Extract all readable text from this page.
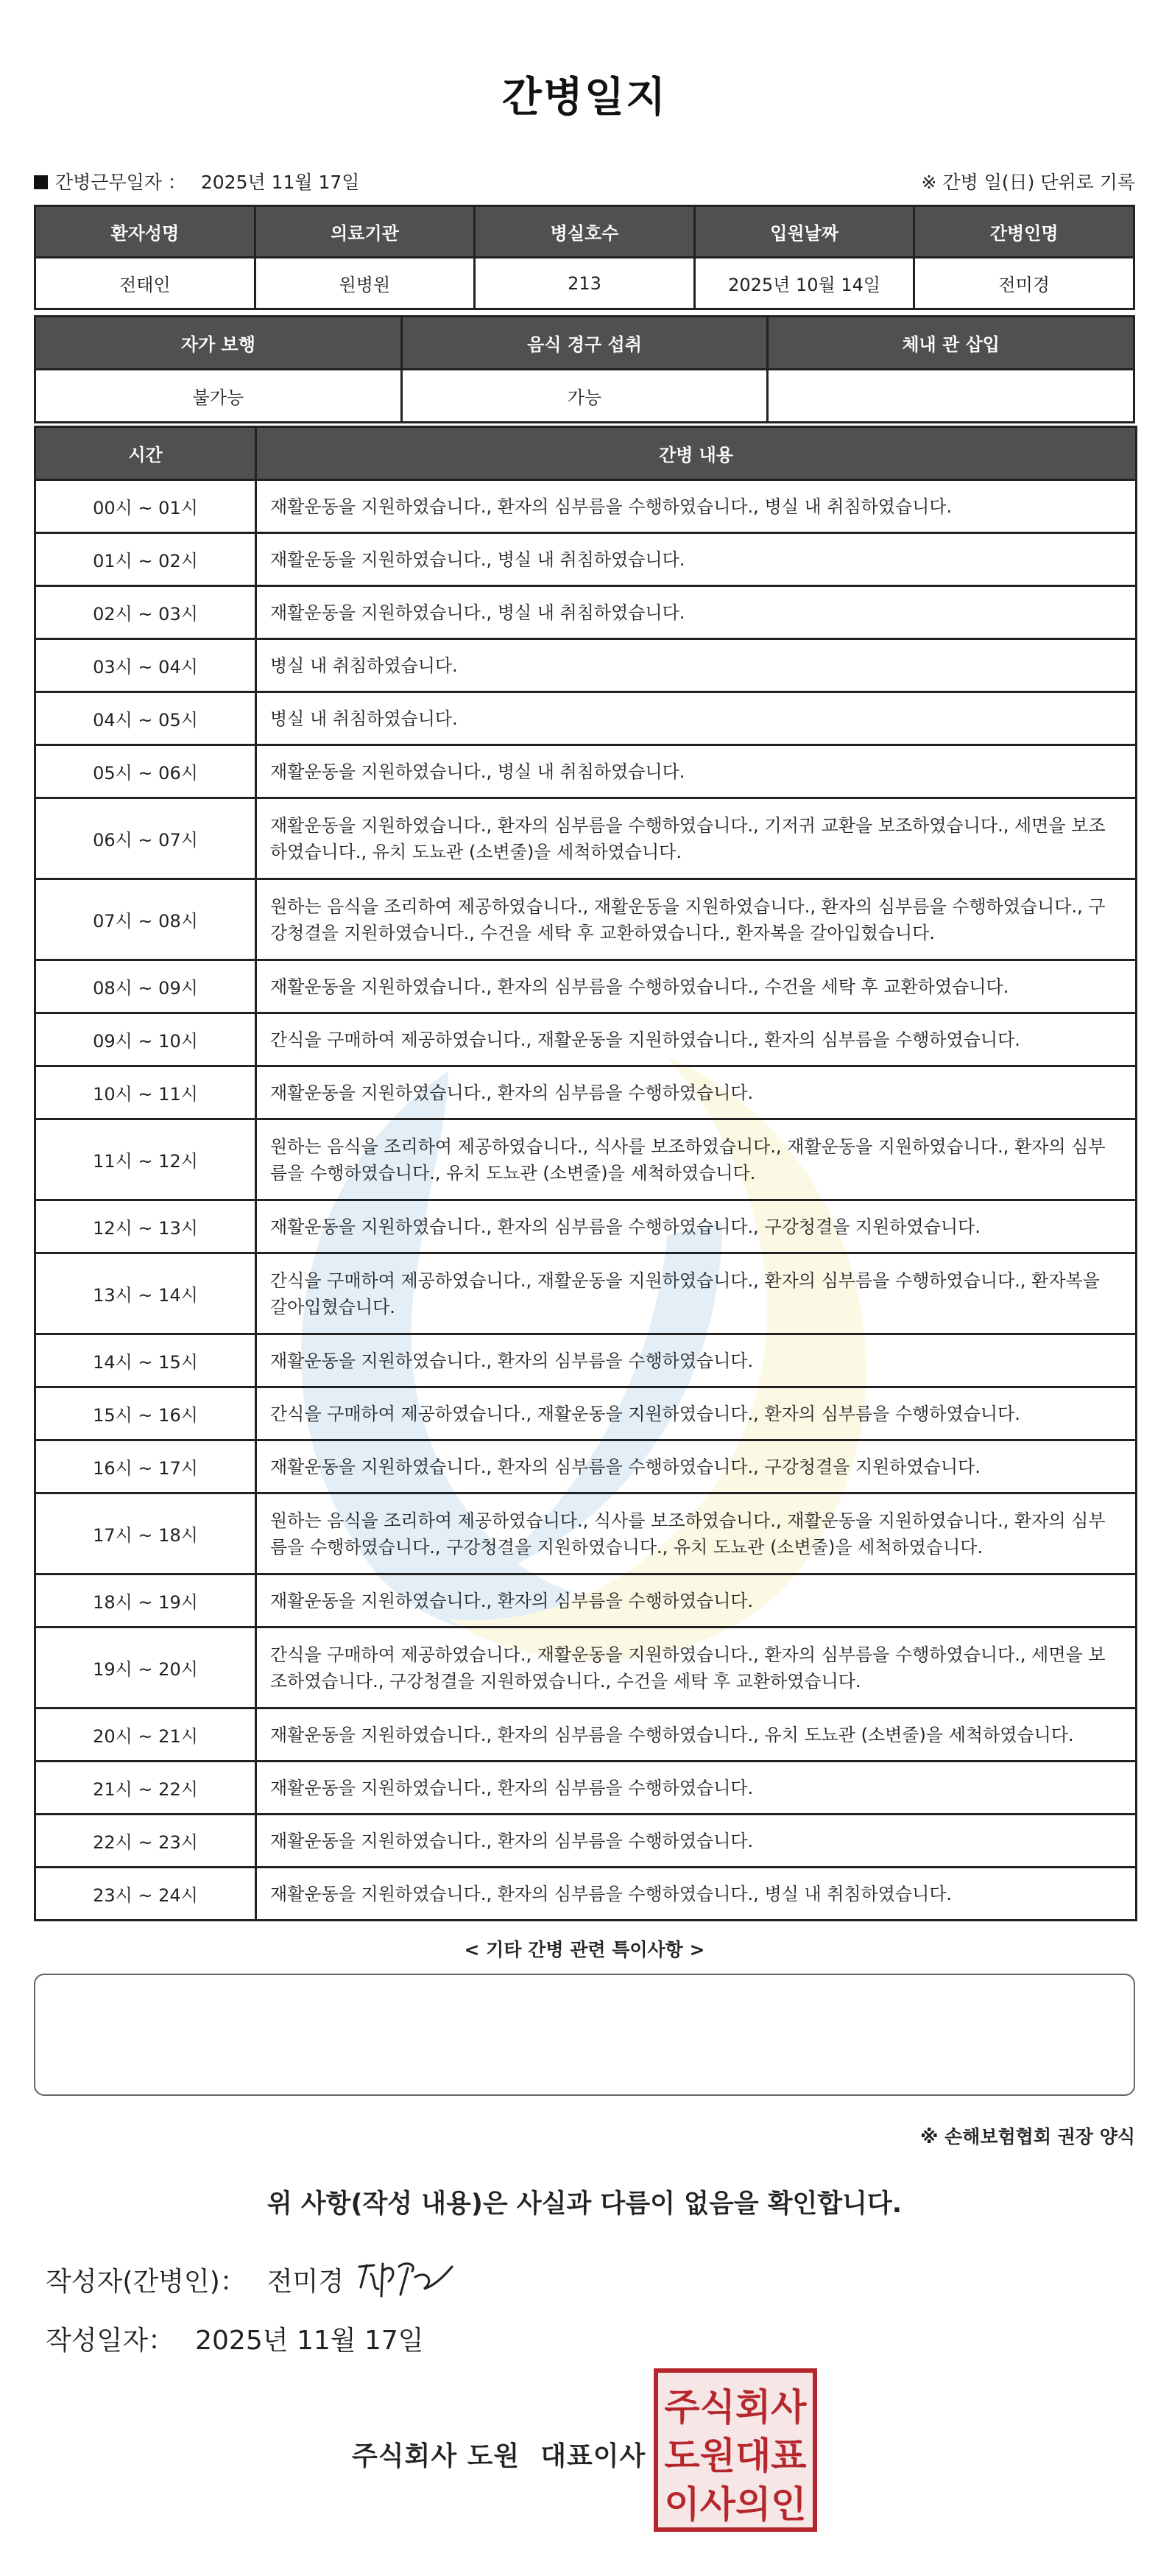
간병일지
간병근무일자 ： 2025년 11월 17일	※ 간병 일(日) 단위로 기록
환자성명	의료기관	병실호수	입원날짜	간병인명
전태인	원병원	213	2025년 10월 14일	전미경
자가 보행	음식 경구 섭취	체내 관 삽입
불가능	가능	
시간	간병 내용
00시 ~ 01시	재활운동을 지원하였습니다., 환자의 심부름을 수행하였습니다., 병실 내 취침하였습니다.
01시 ~ 02시	재활운동을 지원하였습니다., 병실 내 취침하였습니다.
02시 ~ 03시	재활운동을 지원하였습니다., 병실 내 취침하였습니다.
03시 ~ 04시	병실 내 취침하였습니다.
04시 ~ 05시	병실 내 취침하였습니다.
05시 ~ 06시	재활운동을 지원하였습니다., 병실 내 취침하였습니다.
06시 ~ 07시	재활운동을 지원하였습니다., 환자의 심부름을 수행하였습니다., 기저귀 교환을 보조하였습니다., 세면을 보조하였습니다., 유치 도뇨관 (소변줄)을 세척하였습니다.
07시 ~ 08시	원하는 음식을 조리하여 제공하였습니다., 재활운동을 지원하였습니다., 환자의 심부름을 수행하였습니다., 구강청결을 지원하였습니다., 수건을 세탁 후 교환하였습니다., 환자복을 갈아입혔습니다.
08시 ~ 09시	재활운동을 지원하였습니다., 환자의 심부름을 수행하였습니다., 수건을 세탁 후 교환하였습니다.
09시 ~ 10시	간식을 구매하여 제공하였습니다., 재활운동을 지원하였습니다., 환자의 심부름을 수행하였습니다.
10시 ~ 11시	재활운동을 지원하였습니다., 환자의 심부름을 수행하였습니다.
11시 ~ 12시	원하는 음식을 조리하여 제공하였습니다., 식사를 보조하였습니다., 재활운동을 지원하였습니다., 환자의 심부름을 수행하였습니다., 유치 도뇨관 (소변줄)을 세척하였습니다.
12시 ~ 13시	재활운동을 지원하였습니다., 환자의 심부름을 수행하였습니다., 구강청결을 지원하였습니다.
13시 ~ 14시	간식을 구매하여 제공하였습니다., 재활운동을 지원하였습니다., 환자의 심부름을 수행하였습니다., 환자복을 갈아입혔습니다.
14시 ~ 15시	재활운동을 지원하였습니다., 환자의 심부름을 수행하였습니다.
15시 ~ 16시	간식을 구매하여 제공하였습니다., 재활운동을 지원하였습니다., 환자의 심부름을 수행하였습니다.
16시 ~ 17시	재활운동을 지원하였습니다., 환자의 심부름을 수행하였습니다., 구강청결을 지원하였습니다.
17시 ~ 18시	원하는 음식을 조리하여 제공하였습니다., 식사를 보조하였습니다., 재활운동을 지원하였습니다., 환자의 심부름을 수행하였습니다., 구강청결을 지원하였습니다., 유치 도뇨관 (소변줄)을 세척하였습니다.
18시 ~ 19시	재활운동을 지원하였습니다., 환자의 심부름을 수행하였습니다.
19시 ~ 20시	간식을 구매하여 제공하였습니다., 재활운동을 지원하였습니다., 환자의 심부름을 수행하였습니다., 세면을 보조하였습니다., 구강청결을 지원하였습니다., 수건을 세탁 후 교환하였습니다.
20시 ~ 21시	재활운동을 지원하였습니다., 환자의 심부름을 수행하였습니다., 유치 도뇨관 (소변줄)을 세척하였습니다.
21시 ~ 22시	재활운동을 지원하였습니다., 환자의 심부름을 수행하였습니다.
22시 ~ 23시	재활운동을 지원하였습니다., 환자의 심부름을 수행하였습니다.
23시 ~ 24시	재활운동을 지원하였습니다., 환자의 심부름을 수행하였습니다., 병실 내 취침하였습니다.
< 기타 간병 관련 특이사항 >
※ 손해보험협회 권장 양식
위 사항(작성 내용)은 사실과 다름이 없음을 확인합니다.
작성자(간병인)： 전미경
작성일자： 2025년 11월 17일
주식회사 도원 대표이사
주식회사
도원대표
이사의인
